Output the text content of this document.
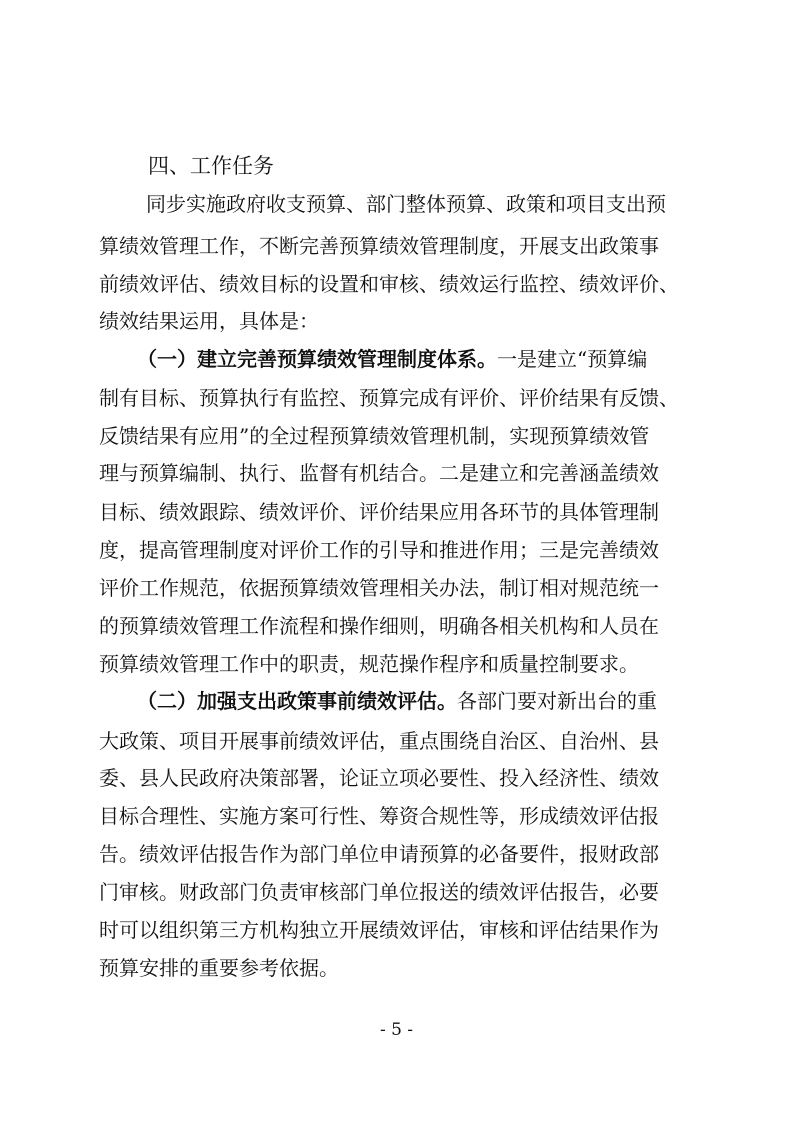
四、工作任务
同步实施政府收支预算、部门整体预算、政策和项目支出预
算绩效管理工作，不断完善预算绩效管理制度，开展支出政策事
前绩效评估、绩效目标的设置和审核、绩效运行监控、绩效评价、
绩效结果运用，具体是：
（一）建立完善预算绩效管理制度体系。一是建立“预算编
制有目标、预算执行有监控、预算完成有评价、评价结果有反馈、
反馈结果有应用”的全过程预算绩效管理机制，实现预算绩效管
理与预算编制、执行、监督有机结合。二是建立和完善涵盖绩效
目标、绩效跟踪、绩效评价、评价结果应用各环节的具体管理制
度，提高管理制度对评价工作的引导和推进作用；三是完善绩效
评价工作规范，依据预算绩效管理相关办法，制订相对规范统一
的预算绩效管理工作流程和操作细则，明确各相关机构和人员在
预算绩效管理工作中的职责，规范操作程序和质量控制要求。
（二）加强支出政策事前绩效评估。各部门要对新出台的重
大政策、项目开展事前绩效评估，重点围绕自治区、自治州、县
委、县人民政府决策部署，论证立项必要性、投入经济性、绩效
目标合理性、实施方案可行性、筹资合规性等，形成绩效评估报
告。绩效评估报告作为部门单位申请预算的必备要件，报财政部
门审核。财政部门负责审核部门单位报送的绩效评估报告，必要
时可以组织第三方机构独立开展绩效评估，审核和评估结果作为
预算安排的重要参考依据。
- 5 -
